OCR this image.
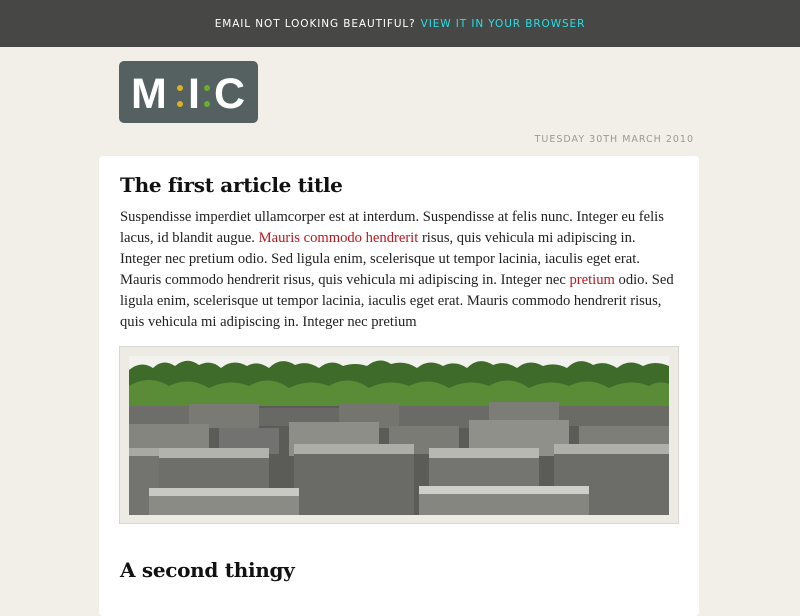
EMAIL NOT LOOKING BEAUTIFUL? VIEW IT IN YOUR BROWSER
M I C
TUESDAY 30TH MARCH 2010
The first article title

Suspendisse imperdiet ullamcorper est at interdum. Suspendisse at felis nunc. Integer eu felis lacus, id blandit augue. Mauris commodo hendrerit risus, quis vehicula mi adipiscing in. Integer nec pretium odio. Sed ligula enim, scelerisque ut tempor lacinia, iaculis eget erat. Mauris commodo hendrerit risus, quis vehicula mi adipiscing in. Integer nec pretium odio. Sed ligula enim, scelerisque ut tempor lacinia, iaculis eget erat. Mauris commodo hendrerit risus, quis vehicula mi adipiscing in. Integer nec pretium

A second thingy
